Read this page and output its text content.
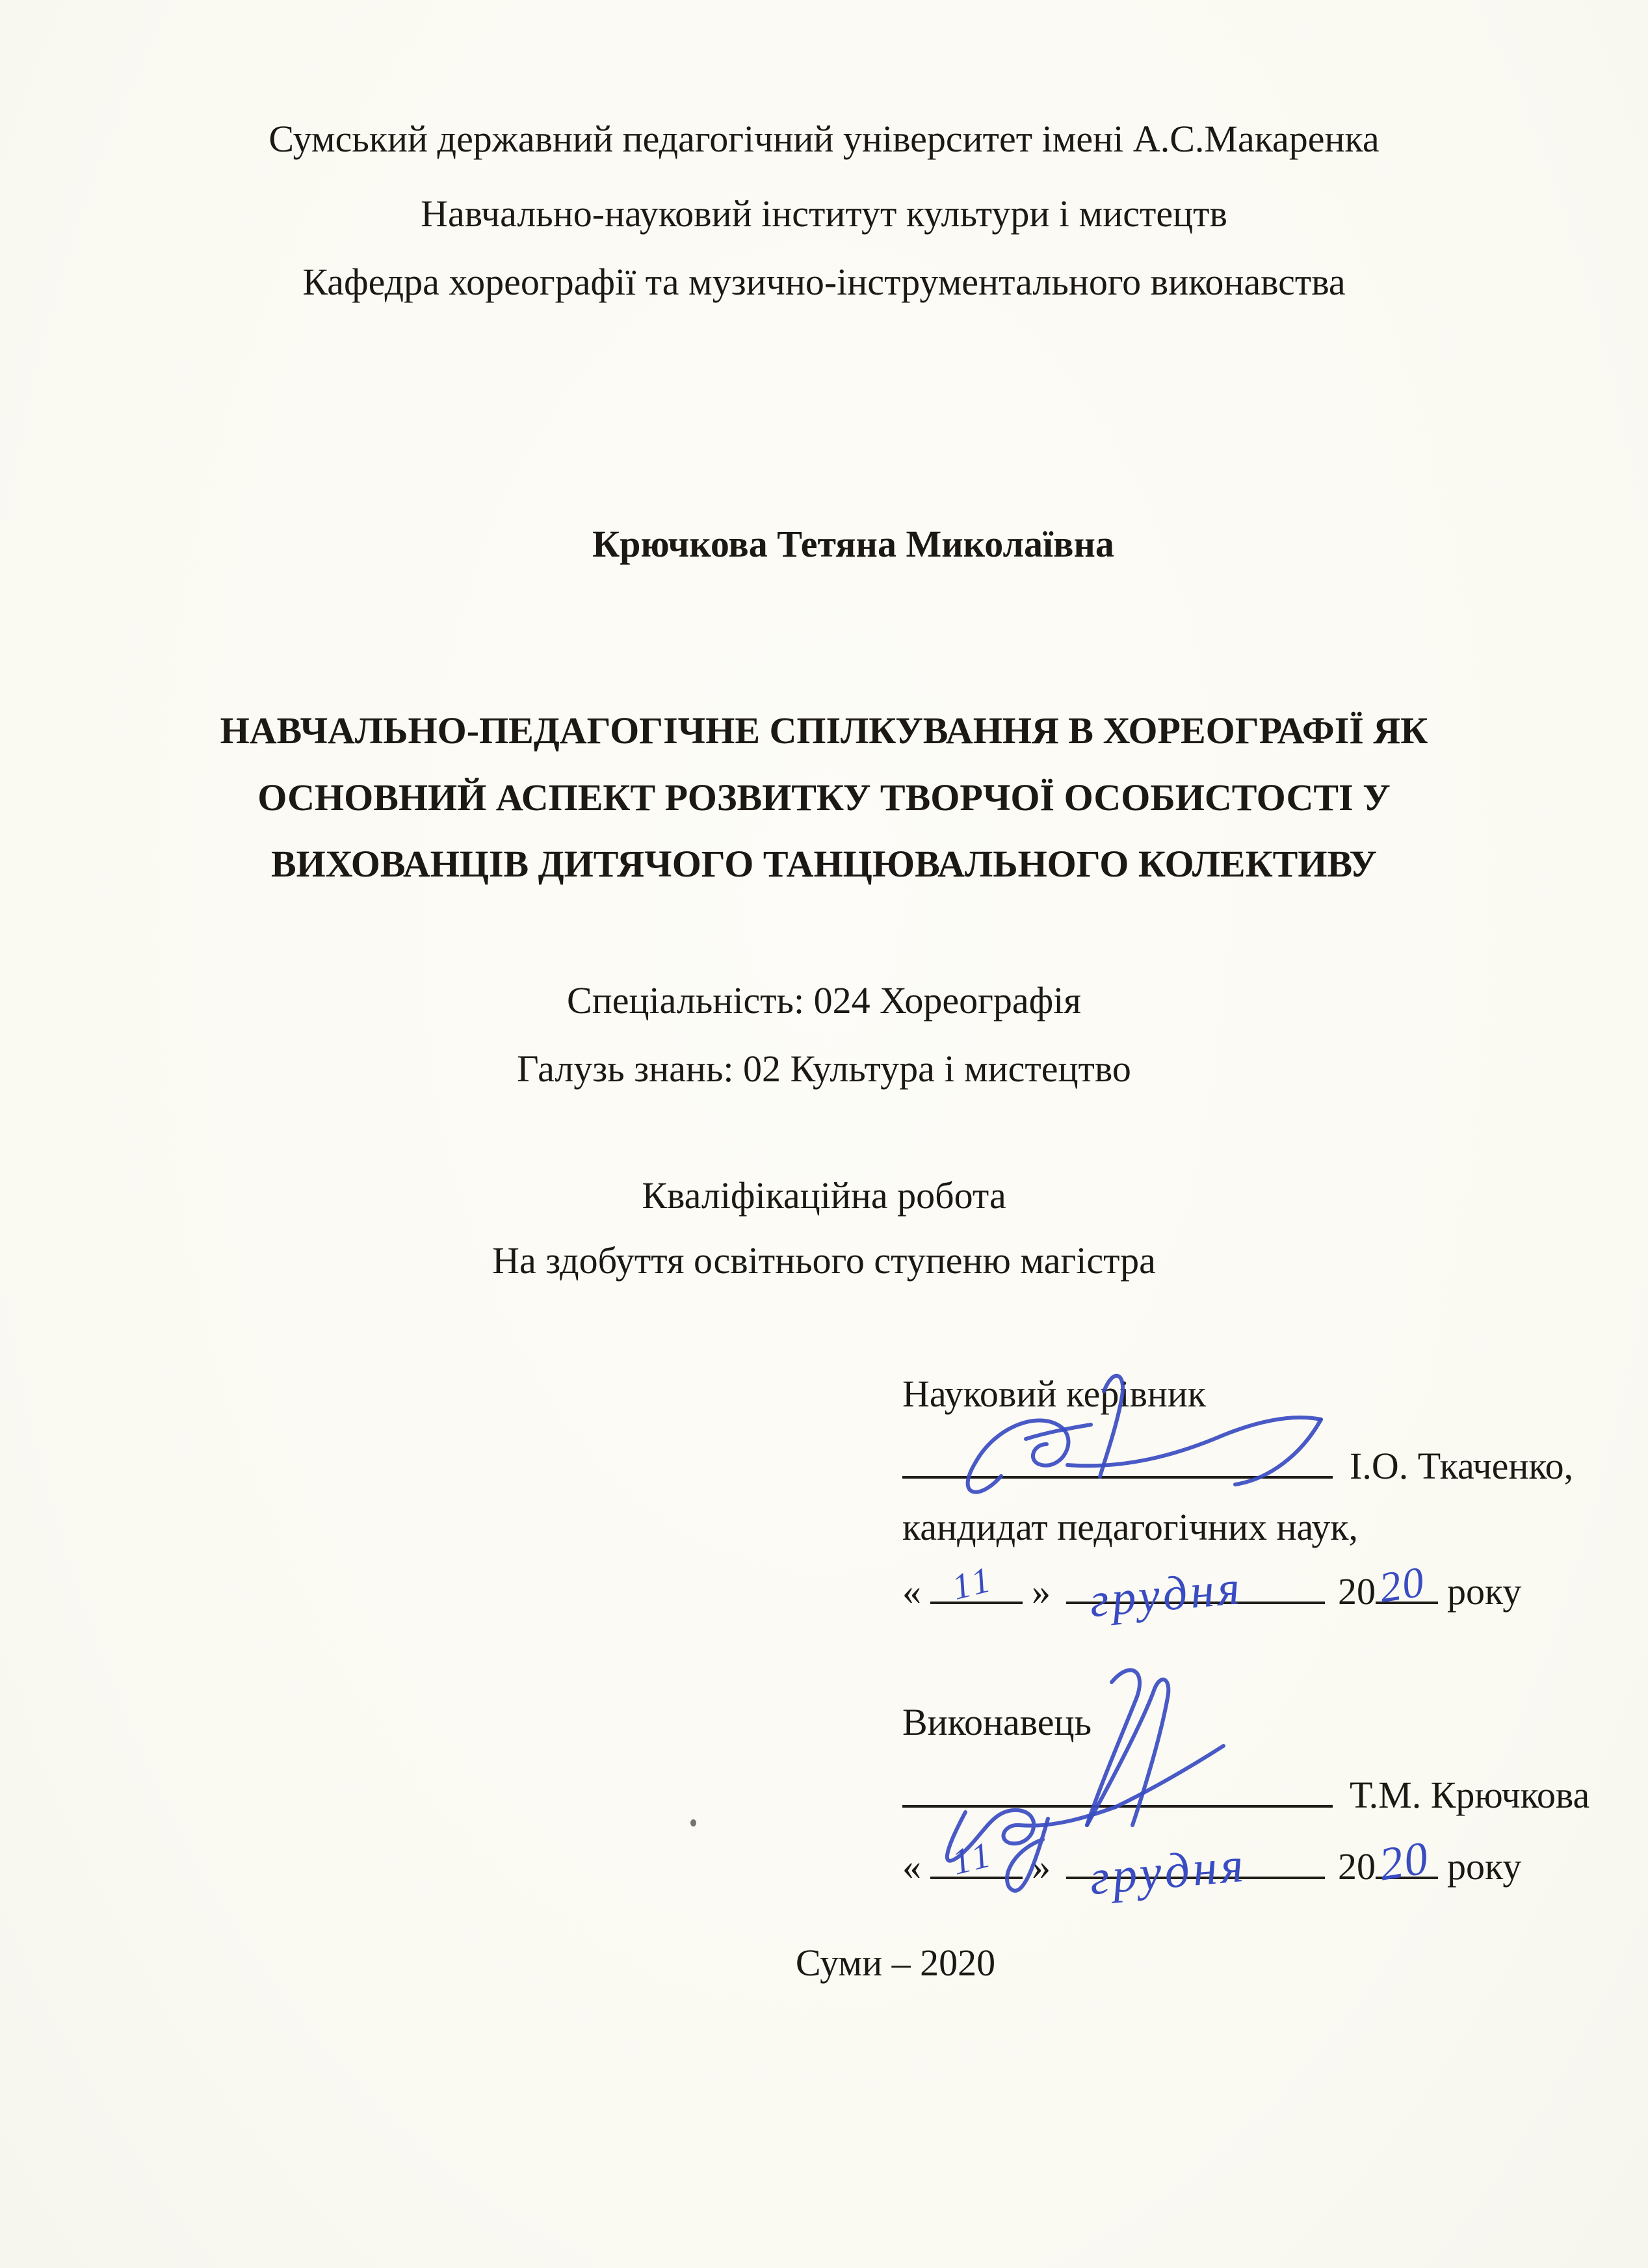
Сумський державний педагогічний університет імені А.С.Макаренка
Навчально-науковий інститут культури і мистецтв
Кафедра хореографії та музично-інструментального виконавства
Крючкова Тетяна Миколаївна
НАВЧАЛЬНО-ПЕДАГОГІЧНЕ СПІЛКУВАННЯ В ХОРЕОГРАФІЇ ЯК
ОСНОВНИЙ АСПЕКТ РОЗВИТКУ ТВОРЧОЇ ОСОБИСТОСТІ У
ВИХОВАНЦІВ ДИТЯЧОГО ТАНЦЮВАЛЬНОГО КОЛЕКТИВУ
Спеціальність: 024 Хореографія
Галузь знань: 02 Культура і мистецтво
Кваліфікаційна робота
На здобуття освітнього ступеню магістра
Науковий керівник
І.О. Ткаченко,
кандидат педагогічних наук,
« 11 » грудня 20 20 року
Виконавець
Т.М. Крючкова
« 11 » грудня 20 20 року
Суми – 2020
